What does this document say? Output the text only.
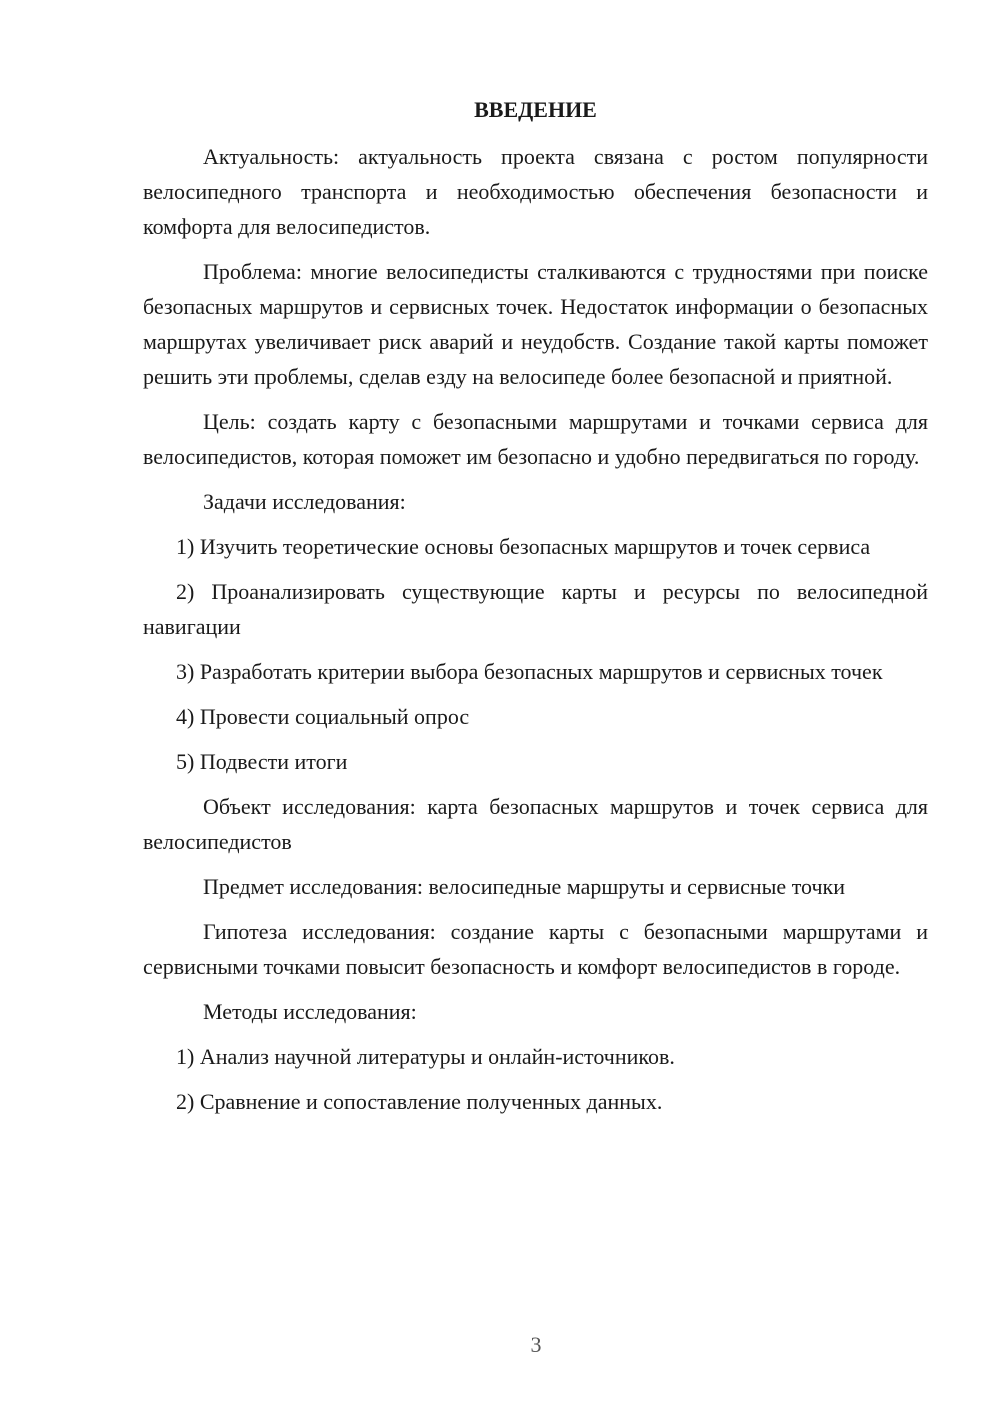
ВВЕДЕНИЕ

Актуальность: актуальность проекта связана с ростом популярности велосипедного транспорта и необходимостью обеспечения безопасности и комфорта для велосипедистов.

Проблема: многие велосипедисты сталкиваются с трудностями при поиске безопасных маршрутов и сервисных точек. Недостаток информации о безопасных маршрутах увеличивает риск аварий и неудобств. Создание такой карты поможет решить эти проблемы, сделав езду на велосипеде более безопасной и приятной.

Цель: создать карту с безопасными маршрутами и точками сервиса для велосипедистов, которая поможет им безопасно и удобно передвигаться по городу.

Задачи исследования:

1) Изучить теоретические основы безопасных маршрутов и точек сервиса

2) Проанализировать существующие карты и ресурсы по велосипедной навигации

3) Разработать критерии выбора безопасных маршрутов и сервисных точек

4) Провести социальный опрос

5) Подвести итоги

Объект исследования: карта безопасных маршрутов и точек сервиса для велосипедистов

Предмет исследования: велосипедные маршруты и сервисные точки

Гипотеза исследования: создание карты с безопасными маршрутами и сервисными точками повысит безопасность и комфорт велосипедистов в городе.

Методы исследования:

1) Анализ научной литературы и онлайн-источников.

2) Сравнение и сопоставление полученных данных.

3
